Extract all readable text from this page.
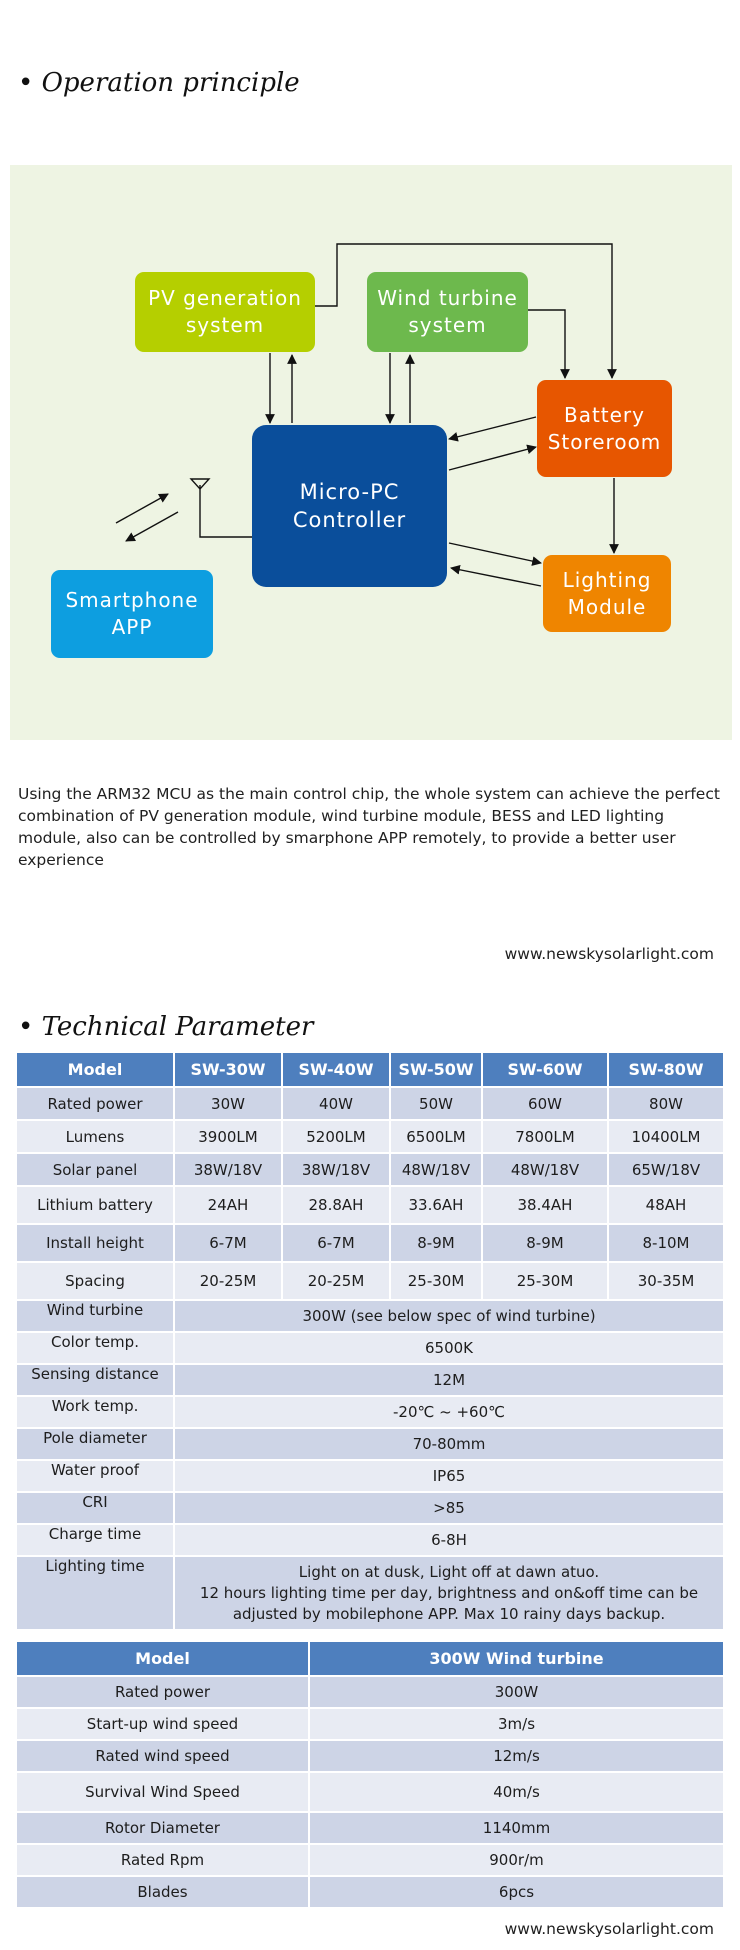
• Operation principle
PV generation
system
Wind turbine
system
Battery
Storeroom
Micro-PC
Controller
Lighting
Module
Smartphone
APP
Using the ARM32 MCU as the main control chip, the whole system can achieve the perfect combination of PV generation module, wind turbine module, BESS and LED lighting module, also can be controlled by smarphone APP remotely, to provide a better user experience
www.newskysolarlight.com
• Technical Parameter
Model	SW-30W	SW-40W	SW-50W	SW-60W	SW-80W
Rated power	30W	40W	50W	60W	80W
Lumens	3900LM	5200LM	6500LM	7800LM	10400LM
Solar panel	38W/18V	38W/18V	48W/18V	48W/18V	65W/18V
Lithium battery	24AH	28.8AH	33.6AH	38.4AH	48AH
Install height	6-7M	6-7M	8-9M	8-9M	8-10M
Spacing	20-25M	20-25M	25-30M	25-30M	30-35M
Wind turbine	300W (see below spec of wind turbine)				
Color temp.	6500K				
Sensing distance	12M				
Work temp.	-20℃ ~ +60℃				
Pole diameter	70-80mm				
Water proof	IP65				
CRI	>85				
Charge time	6-8H				
Lighting time	Light on at dusk, Light off at dawn atuo.
12 hours lighting time per day, brightness and on&off time can be adjusted by mobilephone APP. Max 10 rainy days backup.				
Model	300W Wind turbine
Rated power	300W
Start-up wind speed	3m/s
Rated wind speed	12m/s
Survival Wind Speed	40m/s
Rotor Diameter	1140mm
Rated Rpm	900r/m
Blades	6pcs
www.newskysolarlight.com
